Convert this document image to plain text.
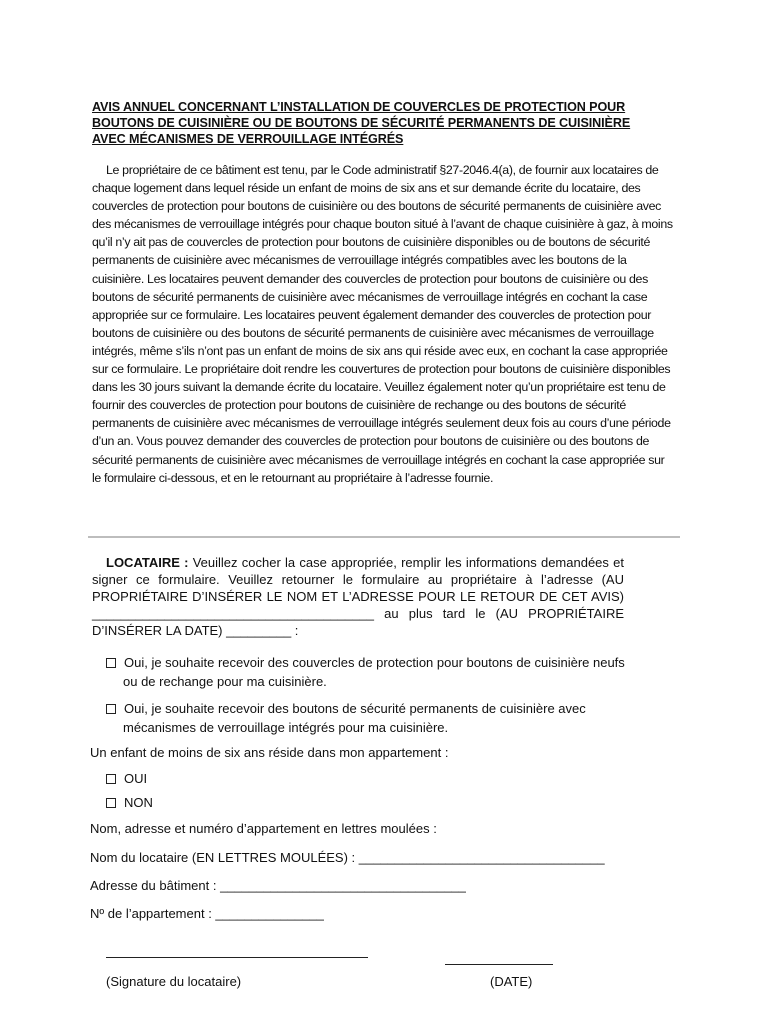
AVIS ANNUEL CONCERNANT L’INSTALLATION DE COUVERCLES DE PROTECTION POUR BOUTONS DE CUISINIÈRE OU DE BOUTONS DE SÉCURITÉ PERMANENTS DE CUISINIÈRE AVEC MÉCANISMES DE VERROUILLAGE INTÉGRÉS

Le propriétaire de ce bâtiment est tenu, par le Code administratif §27-2046.4(a), de fournir aux locataires de chaque logement dans lequel réside un enfant de moins de six ans et sur demande écrite du locataire, des couvercles de protection pour boutons de cuisinière ou des boutons de sécurité permanents de cuisinière avec des mécanismes de verrouillage intégrés pour chaque bouton situé à l’avant de chaque cuisinière à gaz, à moins qu’il n’y ait pas de couvercles de protection pour boutons de cuisinière disponibles ou de boutons de sécurité permanents de cuisinière avec mécanismes de verrouillage intégrés compatibles avec les boutons de la cuisinière. Les locataires peuvent demander des couvercles de protection pour boutons de cuisinière ou des boutons de sécurité permanents de cuisinière avec mécanismes de verrouillage intégrés en cochant la case appropriée sur ce formulaire. Les locataires peuvent également demander des couvercles de protection pour boutons de cuisinière ou des boutons de sécurité permanents de cuisinière avec mécanismes de verrouillage intégrés, même s’ils n’ont pas un enfant de moins de six ans qui réside avec eux, en cochant la case appropriée sur ce formulaire. Le propriétaire doit rendre les couvertures de protection pour boutons de cuisinière disponibles dans les 30 jours suivant la demande écrite du locataire. Veuillez également noter qu’un propriétaire est tenu de fournir des couvercles de protection pour boutons de cuisinière de rechange ou des boutons de sécurité permanents de cuisinière avec mécanismes de verrouillage intégrés seulement deux fois au cours d’une période d’un an. Vous pouvez demander des couvercles de protection pour boutons de cuisinière ou des boutons de sécurité permanents de cuisinière avec mécanismes de verrouillage intégrés en cochant la case appropriée sur le formulaire ci-dessous, et en le retournant au propriétaire à l’adresse fournie.

LOCATAIRE : Veuillez cocher la case appropriée, remplir les informations demandées et signer ce formulaire. Veuillez retourner le formulaire au propriétaire à l’adresse (AU PROPRIÉTAIRE D’INSÉRER LE NOM ET L’ADRESSE POUR LE RETOUR DE CET AVIS) _______________________________________ au plus tard le (AU PROPRIÉTAIRE D’INSÉRER LA DATE) _________ :

Oui, je souhaite recevoir des couvercles de protection pour boutons de cuisinière neufs
ou de rechange pour ma cuisinière.
Oui, je souhaite recevoir des boutons de sécurité permanents de cuisinière avec
mécanismes de verrouillage intégrés pour ma cuisinière.
Un enfant de moins de six ans réside dans mon appartement :
OUI
NON
Nom, adresse et numéro d’appartement en lettres moulées :
Nom du locataire (EN LETTRES MOULÉES) : __________________________________
Adresse du bâtiment : __________________________________
Nº de l’appartement : _______________
(Signature du locataire)	(DATE)
